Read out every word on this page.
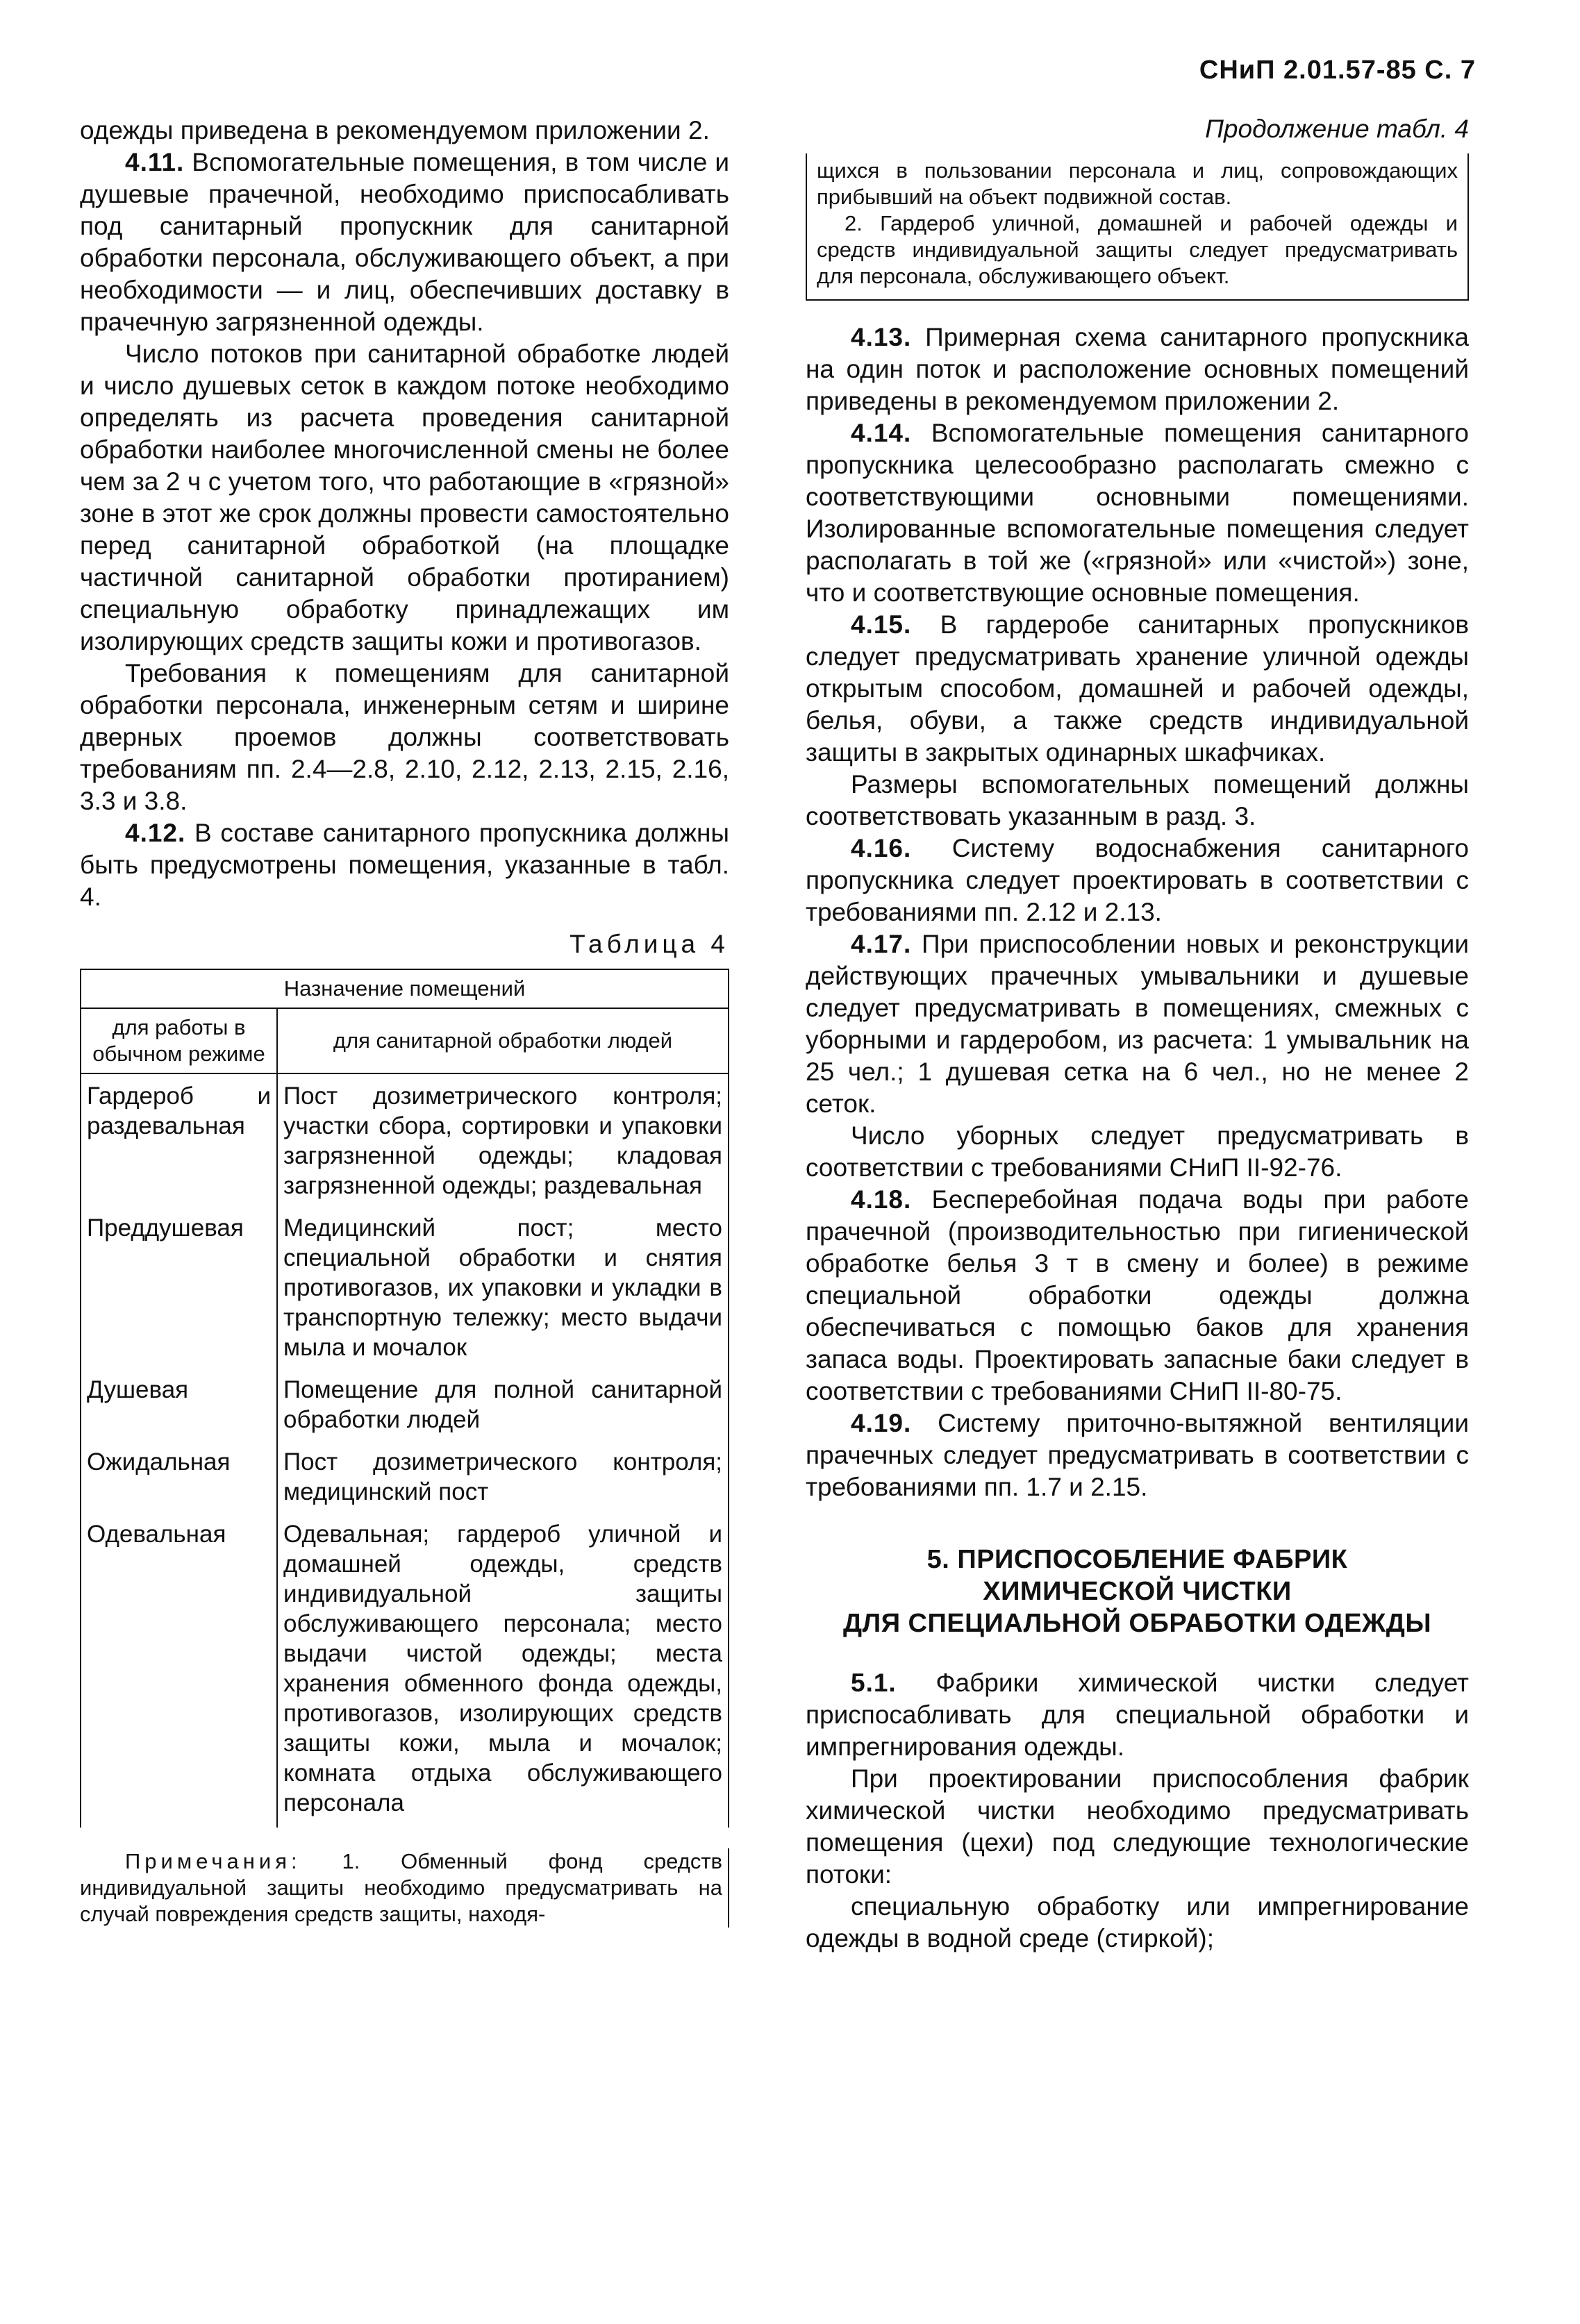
СНиП 2.01.57-85 С. 7

одежды приведена в рекомендуемом приложении 2.

4.11. Вспомогательные помещения, в том числе и душевые прачечной, необходимо приспосабливать под санитарный пропускник для санитарной обработки персонала, обслуживающего объект, а при необходимости — и лиц, обеспечивших доставку в прачечную загрязненной одежды.

Число потоков при санитарной обработке людей и число душевых сеток в каждом потоке необходимо определять из расчета проведения санитарной обработки наиболее многочисленной смены не более чем за 2 ч с учетом того, что работающие в «грязной» зоне в этот же срок должны провести самостоятельно перед санитарной обработкой (на площадке частичной санитарной обработки протиранием) специальную обработку принадлежащих им изолирующих средств защиты кожи и противогазов.

Требования к помещениям для санитарной обработки персонала, инженерным сетям и ширине дверных проемов должны соответствовать требованиям пп. 2.4—2.8, 2.10, 2.12, 2.13, 2.15, 2.16, 3.3 и 3.8.

4.12. В составе санитарного пропускника должны быть предусмотрены помещения, указанные в табл. 4.

Таблица 4
Назначение помещений	
для работы в обычном режиме	для санитарной обработки людей
Гардероб и раздевальная	Пост дозиметрического контроля; участки сбора, сортировки и упаковки загрязненной одежды; кладовая загрязненной одежды; раздевальная
Преддушевая	Медицинский пост; место специальной обработки и снятия противогазов, их упаковки и укладки в транспортную тележку; место выдачи мыла и мочалок
Душевая	Помещение для полной санитарной обработки людей
Ожидальная	Пост дозиметрического контроля; медицинский пост
Одевальная	Одевальная; гардероб уличной и домашней одежды, средств индивидуальной защиты обслуживающего персонала; место выдачи чистой одежды; места хранения обменного фонда одежды, противогазов, изолирующих средств защиты кожи, мыла и мочалок; комната отдыха обслуживающего персонала
Примечания: 1. Обменный фонд средств индивидуальной защиты необходимо предусматривать на случай повреждения средств защиты, находя-
Продолжение табл. 4

щихся в пользовании персонала и лиц, сопровождающих прибывший на объект подвижной состав.

2. Гардероб уличной, домашней и рабочей одежды и средств индивидуальной защиты следует предусматривать для персонала, обслуживающего объект.

4.13. Примерная схема санитарного пропускника на один поток и расположение основных помещений приведены в рекомендуемом приложении 2.

4.14. Вспомогательные помещения санитарного пропускника целесообразно располагать смежно с соответствующими основными помещениями. Изолированные вспомогательные помещения следует располагать в той же («грязной» или «чистой») зоне, что и соответствующие основные помещения.

4.15. В гардеробе санитарных пропускников следует предусматривать хранение уличной одежды открытым способом, домашней и рабочей одежды, белья, обуви, а также средств индивидуальной защиты в закрытых одинарных шкафчиках.

Размеры вспомогательных помещений должны соответствовать указанным в разд. 3.

4.16. Систему водоснабжения санитарного пропускника следует проектировать в соответствии с требованиями пп. 2.12 и 2.13.

4.17. При приспособлении новых и реконструкции действующих прачечных умывальники и душевые следует предусматривать в помещениях, смежных с уборными и гардеробом, из расчета: 1 умывальник на 25 чел.; 1 душевая сетка на 6 чел., но не менее 2 сеток.

Число уборных следует предусматривать в соответствии с требованиями СНиП II-92-76.

4.18. Бесперебойная подача воды при работе прачечной (производительностью при гигиенической обработке белья 3 т в смену и более) в режиме специальной обработки одежды должна обеспечиваться с помощью баков для хранения запаса воды. Проектировать запасные баки следует в соответствии с требованиями СНиП II-80-75.

4.19. Систему приточно-вытяжной вентиляции прачечных следует предусматривать в соответствии с требованиями пп. 1.7 и 2.15.

5. ПРИСПОСОБЛЕНИЕ ФАБРИК
ХИМИЧЕСКОЙ ЧИСТКИ
ДЛЯ СПЕЦИАЛЬНОЙ ОБРАБОТКИ ОДЕЖДЫ

5.1. Фабрики химической чистки следует приспосабливать для специальной обработки и импрегнирования одежды.

При проектировании приспособления фабрик химической чистки необходимо предусматривать помещения (цехи) под следующие технологические потоки:

специальную обработку или импрегнирование одежды в водной среде (стиркой);
